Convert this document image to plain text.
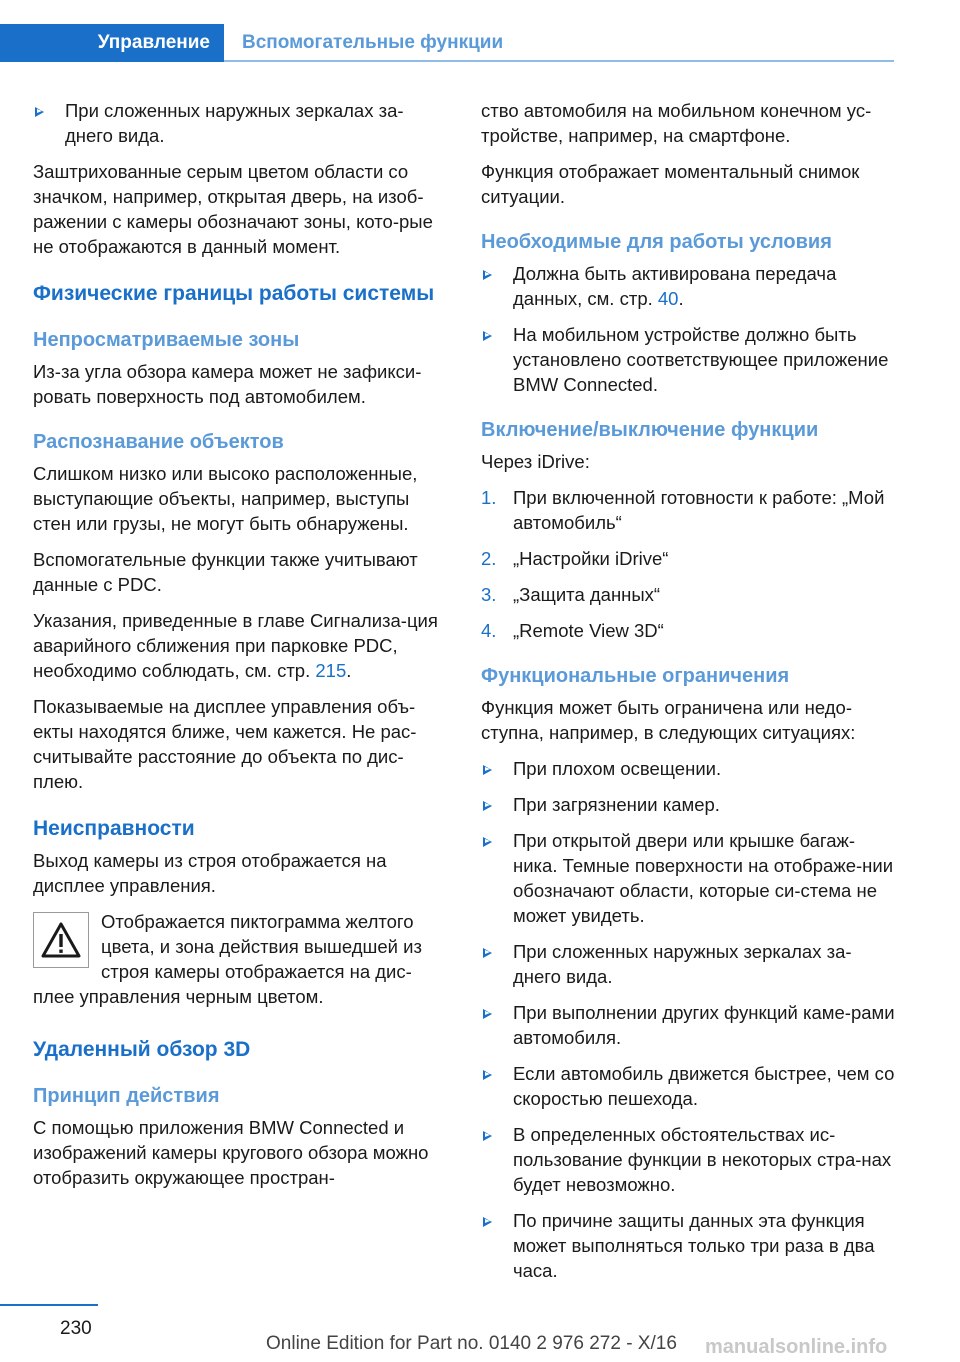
Управление Вспомогательные функции
При сложенных наружных зеркалах за-днего вида.

Заштрихованные серым цветом области со значком, например, открытая дверь, на изоб-ражении с камеры обозначают зоны, кото-рые не отображаются в данный момент.

Физические границы работы системы
Непросматриваемые зоны

Из-за угла обзора камера может не зафикси-ровать поверхность под автомобилем.

Распознавание объектов

Слишком низко или высоко расположенные, выступающие объекты, например, выступы стен или грузы, не могут быть обнаружены.

Вспомогательные функции также учитывают данные с PDC.

Указания, приведенные в главе Сигнализа-ция аварийного сближения при парковке PDC, необходимо соблюдать, см. стр. 215.

Показываемые на дисплее управления объ-екты находятся ближе, чем кажется. Не рас-считывайте расстояние до объекта по дис-плею.

Неисправности

Выход камеры из строя отображается на дисплее управления.

Отображается пиктограмма желтого цвета, и зона действия вышедшей из строя камеры отображается на дис-плее управления черным цветом.

Удаленный обзор 3D
Принцип действия

С помощью приложения BMW Connected и изображений камеры кругового обзора можно отобразить окружающее простран-

ство автомобиля на мобильном конечном ус-тройстве, например, на смартфоне.

Функция отображает моментальный снимок ситуации.

Необходимые для работы условия
Должна быть активирована передача данных, см. стр. 40.
На мобильном устройстве должно быть установлено соответствующее приложение BMW Connected.
Включение/выключение функции

Через iDrive:

1. При включенной готовности к работе: „Мой автомобиль“
2. „Настройки iDrive“
3. „Защита данных“
4. „Remote View 3D“
Функциональные ограничения

Функция может быть ограничена или недо-ступна, например, в следующих ситуациях:

При плохом освещении.
При загрязнении камер.
При открытой двери или крышке багаж-ника. Темные поверхности на отображе-нии обозначают области, которые си-стема не может увидеть.
При сложенных наружных зеркалах за-днего вида.
При выполнении других функций каме-рами автомобиля.
Если автомобиль движется быстрее, чем со скоростью пешехода.
В определенных обстоятельствах ис-пользование функции в некоторых стра-нах будет невозможно.
По причине защиты данных эта функция может выполняться только три раза в два часа.
230
Online Edition for Part no. 0140 2 976 272 - X/16 manualsonline.info
